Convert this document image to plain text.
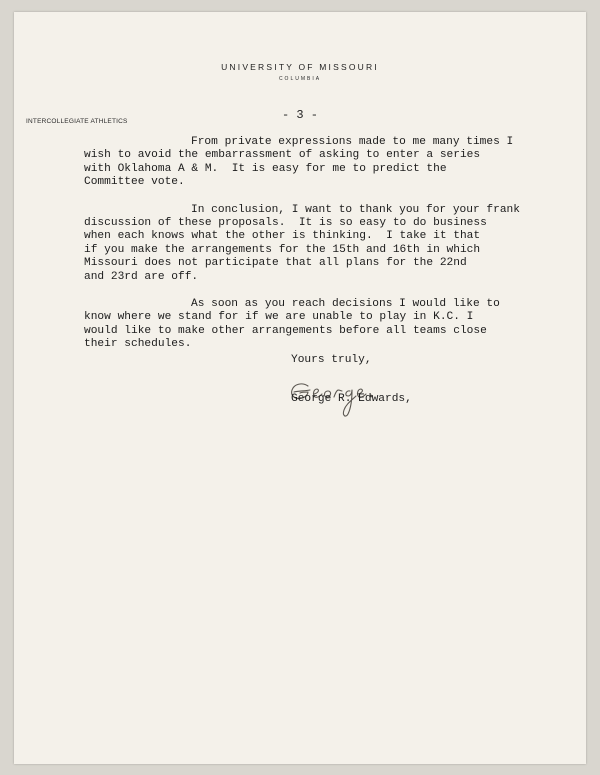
UNIVERSITY OF MISSOURI
COLUMBIA
- 3 -
INTERCOLLEGIATE ATHLETICS

From private expressions made to me many times I
wish to avoid the embarrassment of asking to enter a series
with Oklahoma A & M.  It is easy for me to predict the
Committee vote.

In conclusion, I want to thank you for your frank
discussion of these proposals.  It is so easy to do business
when each knows what the other is thinking.  I take it that
if you make the arrangements for the 15th and 16th in which
Missouri does not participate that all plans for the 22nd
and 23rd are off.

As soon as you reach decisions I would like to
know where we stand for if we are unable to play in K.C. I
would like to make other arrangements before all teams close
their schedules.

Yours truly,
George R. Edwards,
